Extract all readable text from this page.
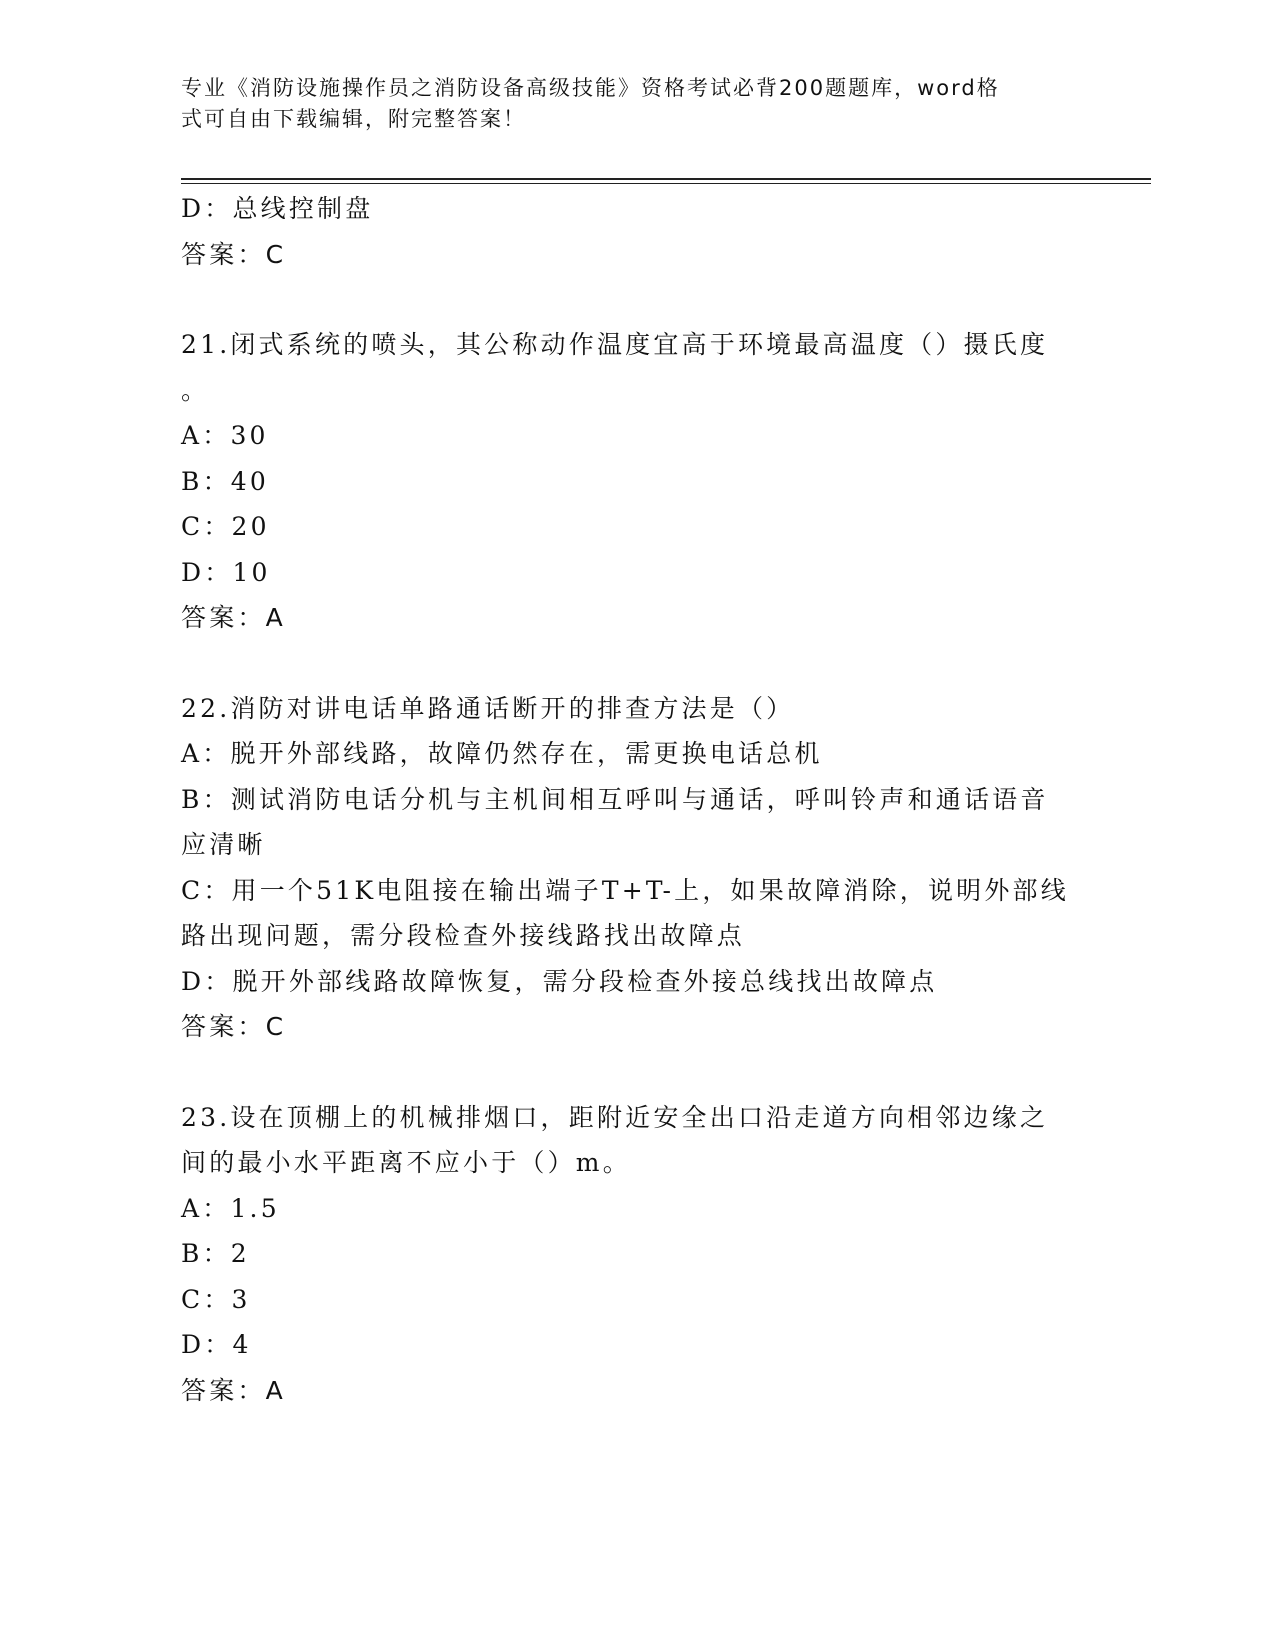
专业《消防设施操作员之消防设备高级技能》资格考试必背200题题库，word格
式可自由下载编辑，附完整答案！
D：总线控制盘
答案：C
21.闭式系统的喷头，其公称动作温度宜高于环境最高温度（）摄氏度
。
A：30
B：40
C：20
D：10
答案：A
22.消防对讲电话单路通话断开的排查方法是（）
A：脱开外部线路，故障仍然存在，需更换电话总机
B：测试消防电话分机与主机间相互呼叫与通话，呼叫铃声和通话语音
应清晰
C：用一个51K电阻接在输出端子T+T-上，如果故障消除，说明外部线
路出现问题，需分段检查外接线路找出故障点
D：脱开外部线路故障恢复，需分段检查外接总线找出故障点
答案：C
23.设在顶棚上的机械排烟口，距附近安全出口沿走道方向相邻边缘之
间的最小水平距离不应小于（）m。
A：1.5
B：2
C：3
D：4
答案：A
